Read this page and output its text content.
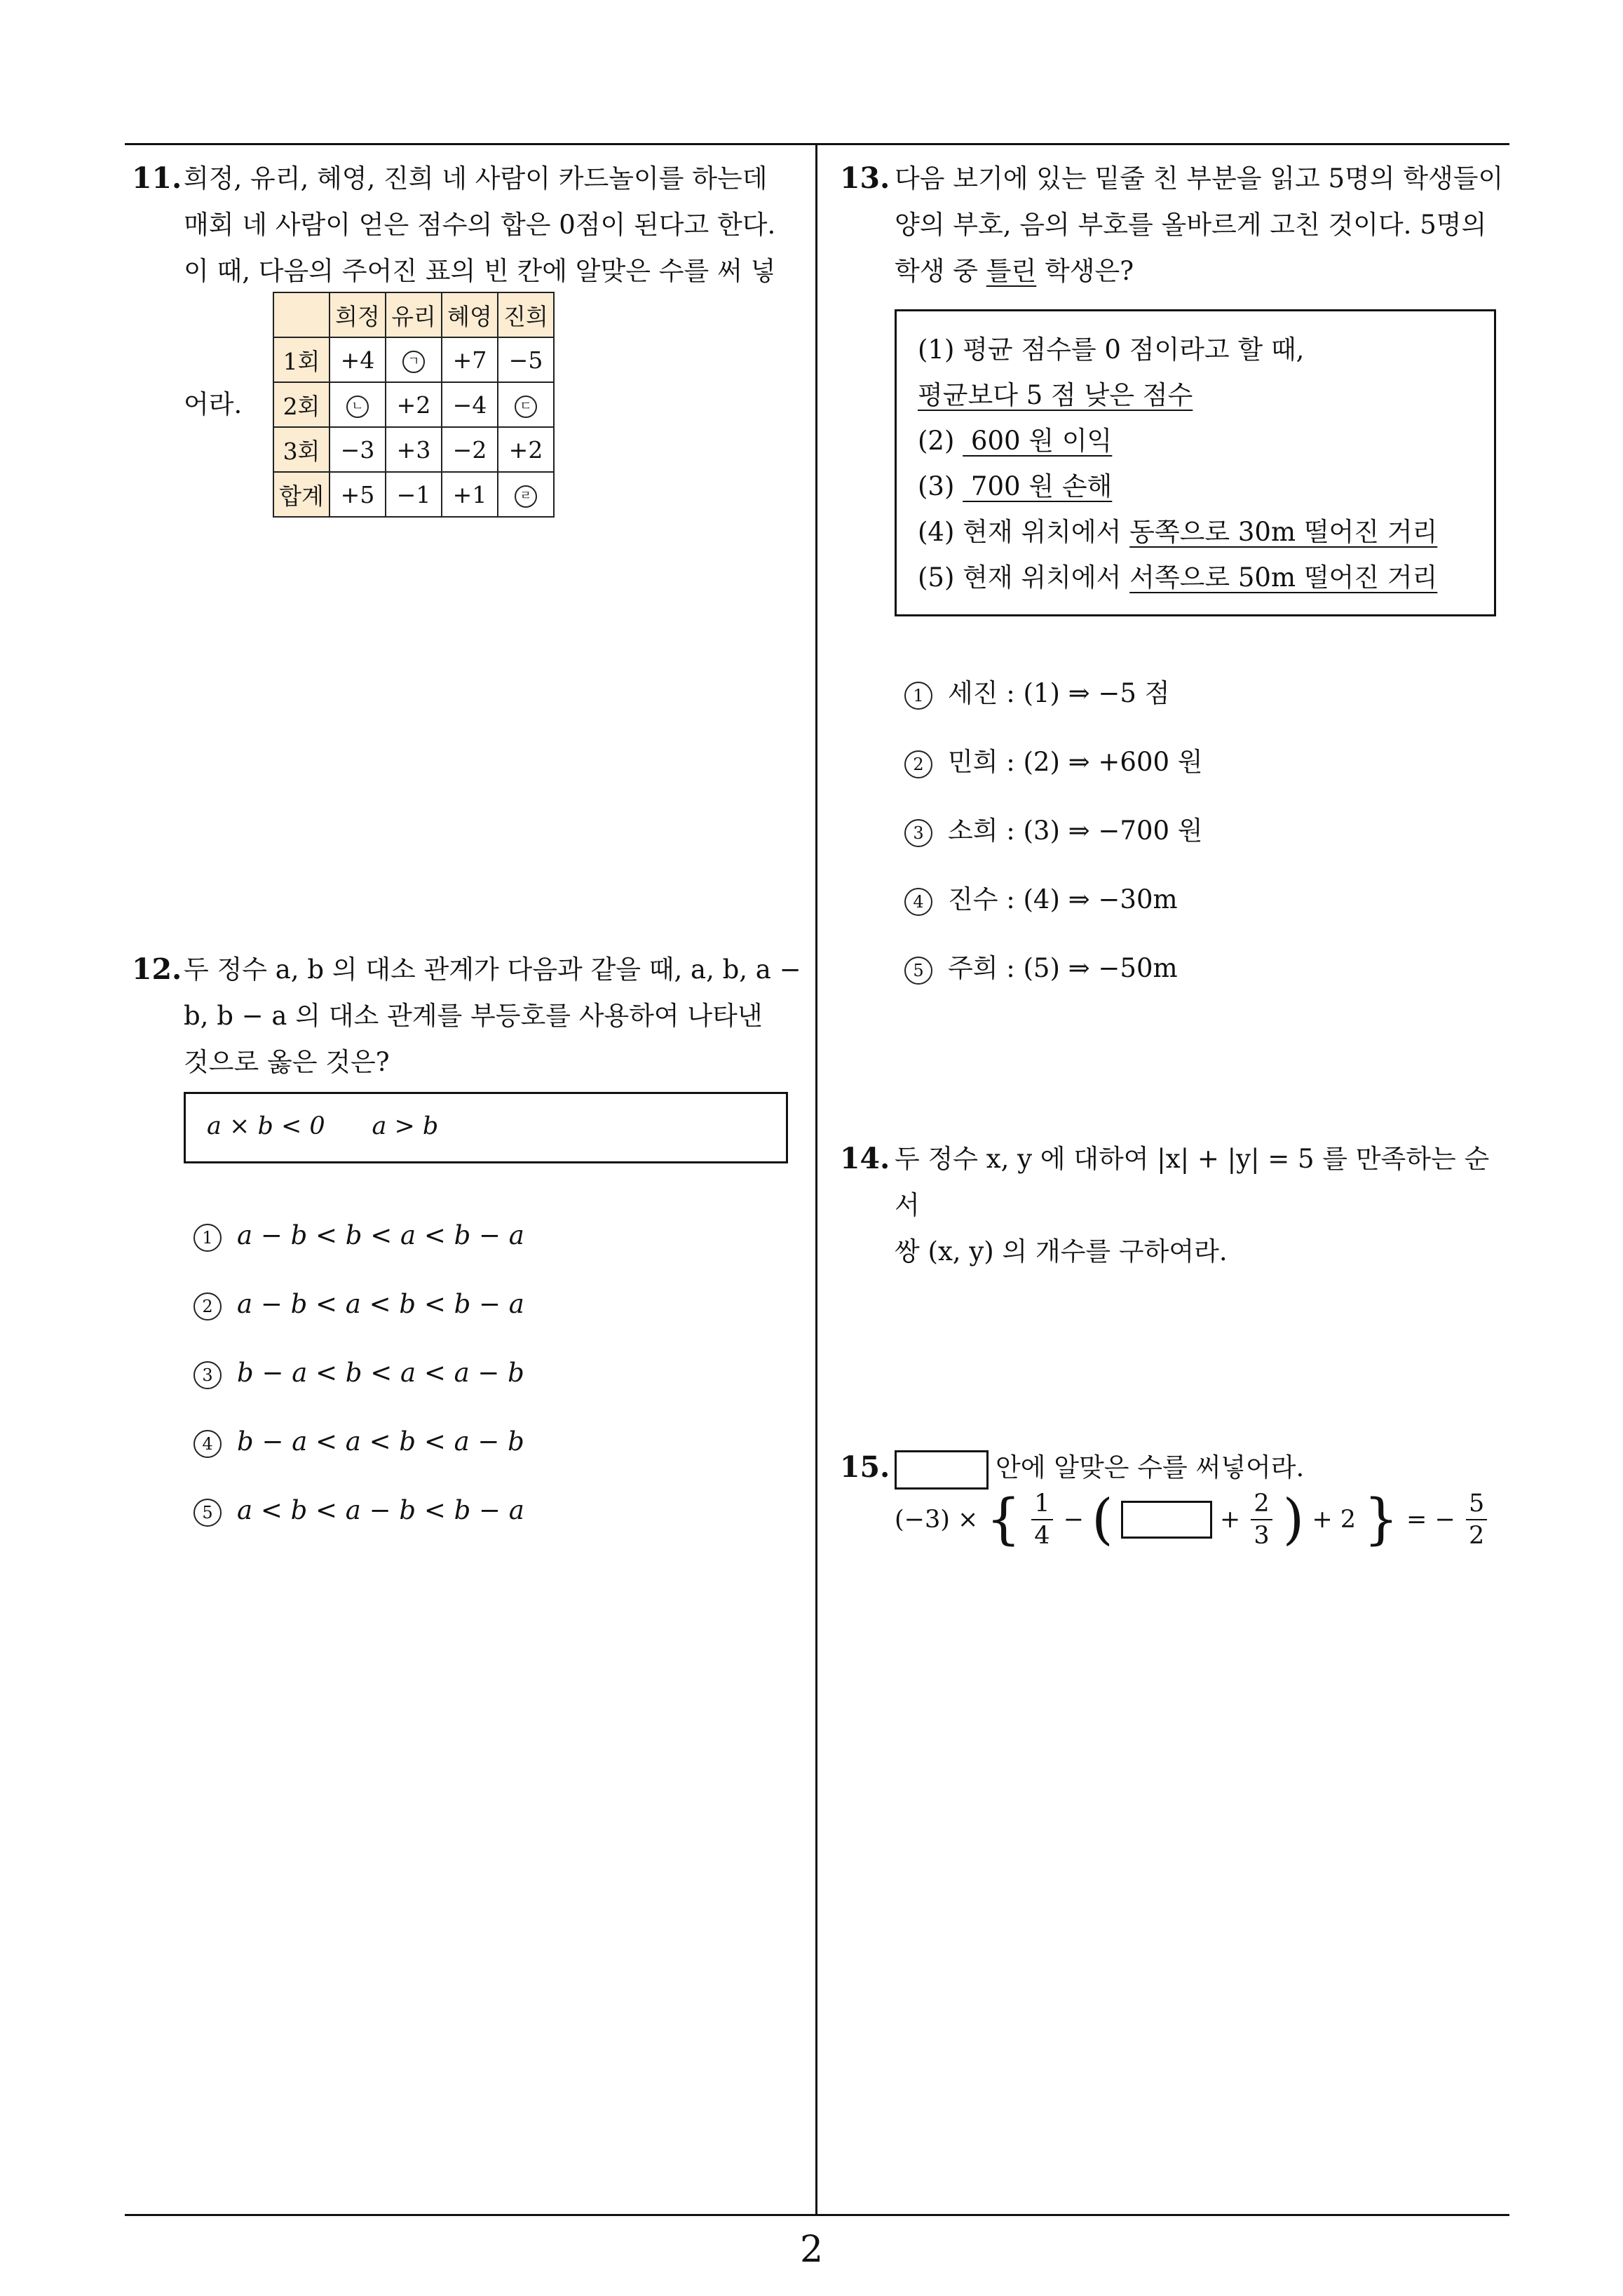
11. 희정, 유리, 혜영, 진희 네 사람이 카드놀이를 하는데
매회 네 사람이 얻은 점수의 합은 0점이 된다고 한다.
이 때, 다음의 주어진 표의 빈 칸에 알맞은 수를 써 넣
어라.
	희정	유리	혜영	진희
1회	+4	ㄱ	+7	−5
2회	ㄴ	+2	−4	ㄷ
3회	−3	+3	−2	+2
합계	+5	−1	+1	ㄹ
12. 두 정수 a, b 의 대소 관계가 다음과 같을 때, a, b, a −
b, b − a 의 대소 관계를 부등호를 사용하여 나타낸
것으로 옳은 것은?
a × b < 0      a > b
1 a − b < b < a < b − a
2 a − b < a < b < b − a
3 b − a < b < a < a − b
4 b − a < a < b < a − b
5 a < b < a − b < b − a
13. 다음 보기에 있는 밑줄 친 부분을 읽고 5명의 학생들이
양의 부호, 음의 부호를 올바르게 고친 것이다. 5명의
학생 중 틀린 학생은?
(1) 평균 점수를 0 점이라고 할 때,
평균보다 5 점 낮은 점수
(2)  600 원 이익
(3)  700 원 손해
(4) 현재 위치에서 동쪽으로 30m 떨어진 거리
(5) 현재 위치에서 서쪽으로 50m 떨어진 거리
1 세진 : (1) ⇒ −5 점
2 민희 : (2) ⇒ +600 원
3 소희 : (3) ⇒ −700 원
4 진수 : (4) ⇒ −30m
5 주희 : (5) ⇒ −50m
14. 두 정수 x, y 에 대하여 |x| + |y| = 5 를 만족하는 순서
쌍 (x, y) 의 개수를 구하여라.
15.	안에 알맞은 수를 써넣어라.
(−3) × { $\frac{1}{4}$ − (	+ $\frac{2}{3}$ ) + 2 } = − $\frac{5}{2}$
2
